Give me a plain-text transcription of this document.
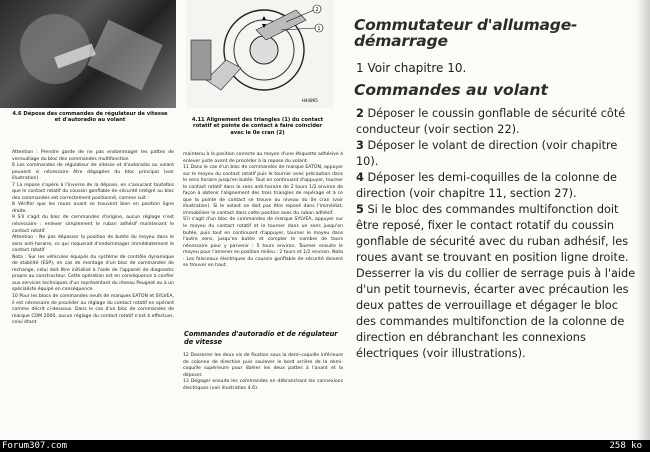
2
1
H44895
4.6 Dépose des commandes de régulateur de vitesse et d'autoradio au volant	4.11 Alignement des triangles (1) du contact rotatif et pointe de contact à faire coïncider avec le 0e cran (2)
Attention : Prendre garde de ne pas endommager les pattes de verrouillage du bloc des commandes multifonction
6 Les commandes de régulateur de vitesse et d'autoradio au volant peuvent si nécessaire être dégagées du bloc principal (voir illustration)
7 La repose s'opère à l'inverse de la dépose, en s'assurant toutefois que le contact rotatif du coussin gonflable de sécurité intégré au bloc des commandes est correctement positionné, comme suit :
8 Vérifier que les roues avant se trouvent bien en position ligne droite.
9 S'il s'agit du bloc de commandes d'origine, aucun réglage n'est nécessaire : enlever simplement le ruban adhésif maintenant le contact rotatif.
Attention : Ne pas dépasser la position de butée du moyeu dans le sens anti-horaire, ce qui risquerait d'endommager immédiatement le contact rotatif
Nota : Sur les véhicules équipés du système de contrôle dynamique de stabilité (ESP), en cas de montage d'un bloc de commandes de rechange, celui doit être initialisé à l'aide de l'appareil de diagnostic propre au constructeur. Cette opération est en conséquence à confier aux services techniques d'un représentant du réseau Peugeot ou à un spécialiste équipé en conséquence.
10 Pour les blocs de commandes neufs de marques EATON et SYLVEA, il est nécessaire de procéder au réglage du contact rotatif en opérant comme décrit ci-dessous. Dans le cas d'un bloc de commandes de marque COM 2000, aucun réglage du contact rotatif n'est à effectuer, celui étant
maintenu à la position correcte au moyen d'une étiquette adhésive à enlever juste avant de procéder à la repose du volant.
11 Dans le cas d'un bloc de commandes de marque EATON, appuyer sur le moyeu du contact rotatif puis le tourner avec précaution dans le sens horaire jusqu'en butée. Tout en continuant d'appuyer, tourner le contact rotatif dans le sens anti-horaire de 2 tours 1/2 environ de façon à obtenir l'alignement des trois triangles de repérage et à ce que la pointe de contact se trouve au niveau du 0e cran (voir illustration). Si le volant ne doit pas être reposé dans l'immédiat, immobiliser le contact dans cette position avec du ruban adhésif.
S'il s'agit d'un bloc de commandes de marque SYLVEA, appuyer sur le moyeu du contact rotatif et le tourner dans un sens jusqu'en butée, puis tout en continuant d'appuyer, tourner le moyeu dans l'autre sens, jusqu'en butée et compter le nombre de tours nécessaire pour y parvenir : 5 tours environ. Tourner ensuite le moyeu pour l'amener en position milieu : 2 tours et 1/2 environ. Nota : Les faisceaux électriques du coussin gonflable de sécurité doivent se trouver en haut.
Commandes d'autoradio et de régulateur de vitesse
12 Desserrer les deux vis de fixation sous la demi-coquille inférieure de colonne de direction puis soulever le bord arrière de la demi-coquille supérieure pour libérer les deux pattes à l'avant et la déposer.
13 Dégager ensuite les commandes en débranchant les connexions électriques (voir illustration 4.6).
Commutateur d'allumage-démarrage
1 Voir chapitre 10.
Commandes au volant

2 Déposer le coussin gonflable de sécurité côté conducteur (voir section 22).

3 Déposer le volant de direction (voir chapitre 10).

4 Déposer les demi-coquilles de la colonne de direction (voir chapitre 11, section 27).

5 Si le bloc des commandes multifonction doit être reposé, fixer le contact rotatif du coussin gonflable de sécurité avec du ruban adhésif, les roues avant se trouvant en position ligne droite. Desserrer la vis du collier de serrage puis à l'aide d'un petit tournevis, écarter avec précaution les deux pattes de verrouillage et dégager le bloc des commandes multifonction de la colonne de direction en débranchant les connexions électriques (voir illustrations).

Forum307.com	258 ko
